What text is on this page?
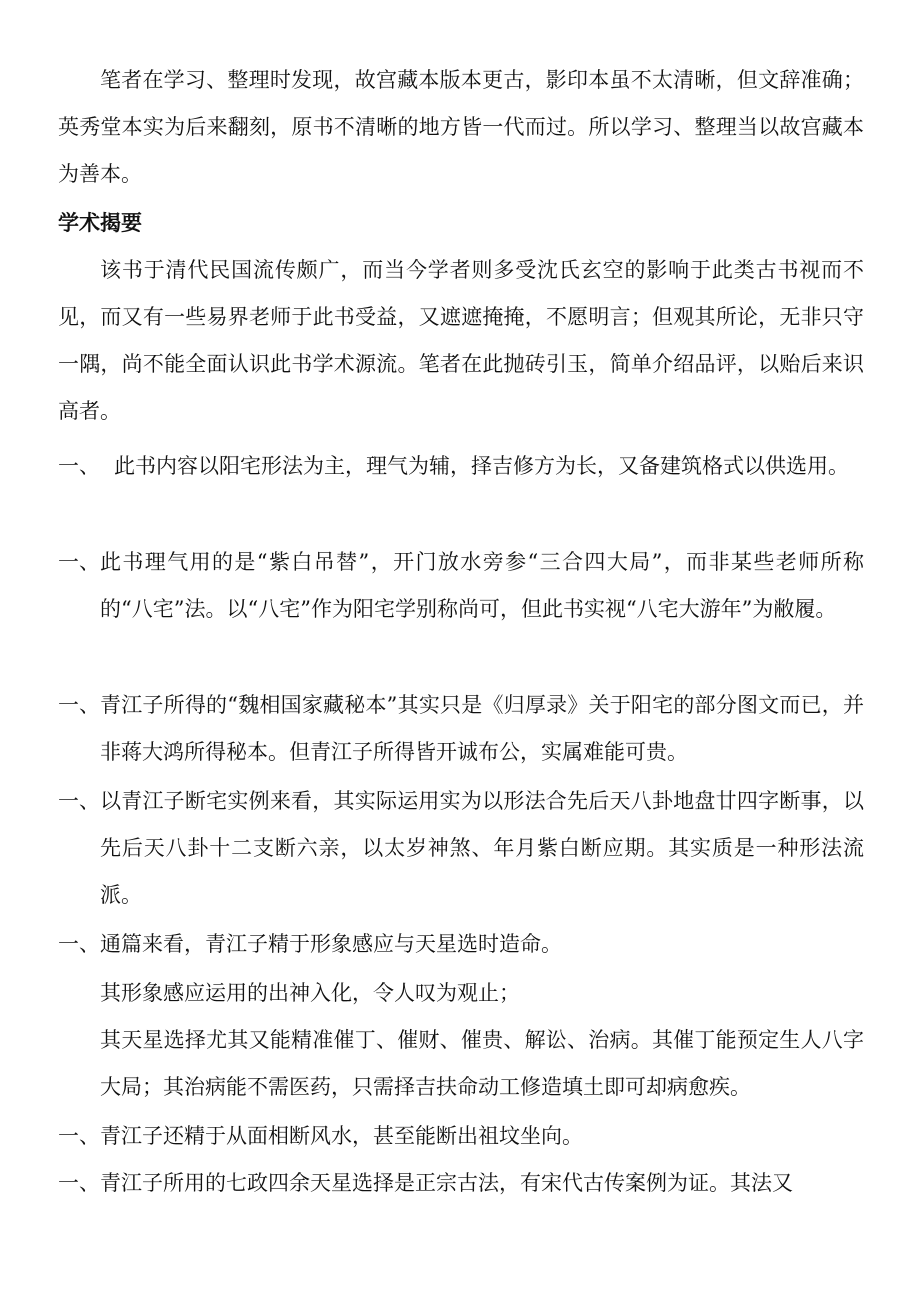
笔者在学习、整理时发现，故宫藏本版本更古，影印本虽不太清晰，但文辞准确；英秀堂本实为后来翻刻，原书不清晰的地方皆一代而过。所以学习、整理当以故宫藏本为善本。

学术揭要

该书于清代民国流传颇广，而当今学者则多受沈氏玄空的影响于此类古书视而不见，而又有一些易界老师于此书受益，又遮遮掩掩，不愿明言；但观其所论，无非只守一隅，尚不能全面认识此书学术源流。笔者在此抛砖引玉，简单介绍品评，以贻后来识高者。

一、 此书内容以阳宅形法为主，理气为辅，择吉修方为长，又备建筑格式以供选用。
一、 此书理气用的是“紫白吊替”，开门放水旁参“三合四大局”，而非某些老师所称的“八宅”法。以“八宅”作为阳宅学别称尚可，但此书实视“八宅大游年”为敝履。
一、 青江子所得的“魏相国家藏秘本”其实只是《归厚录》关于阳宅的部分图文而已，并非蒋大鸿所得秘本。但青江子所得皆开诚布公，实属难能可贵。
一、 以青江子断宅实例来看，其实际运用实为以形法合先后天八卦地盘廿四字断事，以先后天八卦十二支断六亲，以太岁神煞、年月紫白断应期。其实质是一种形法流派。
一、 通篇来看，青江子精于形象感应与天星选时造命。

其形象感应运用的出神入化，令人叹为观止；

其天星选择尤其又能精准催丁、催财、催贵、解讼、治病。其催丁能预定生人八字大局；其治病能不需医药，只需择吉扶命动工修造填土即可却病愈疾。

一、 青江子还精于从面相断风水，甚至能断出祖坟坐向。
一、 青江子所用的七政四余天星选择是正宗古法，有宋代古传案例为证。其法又
